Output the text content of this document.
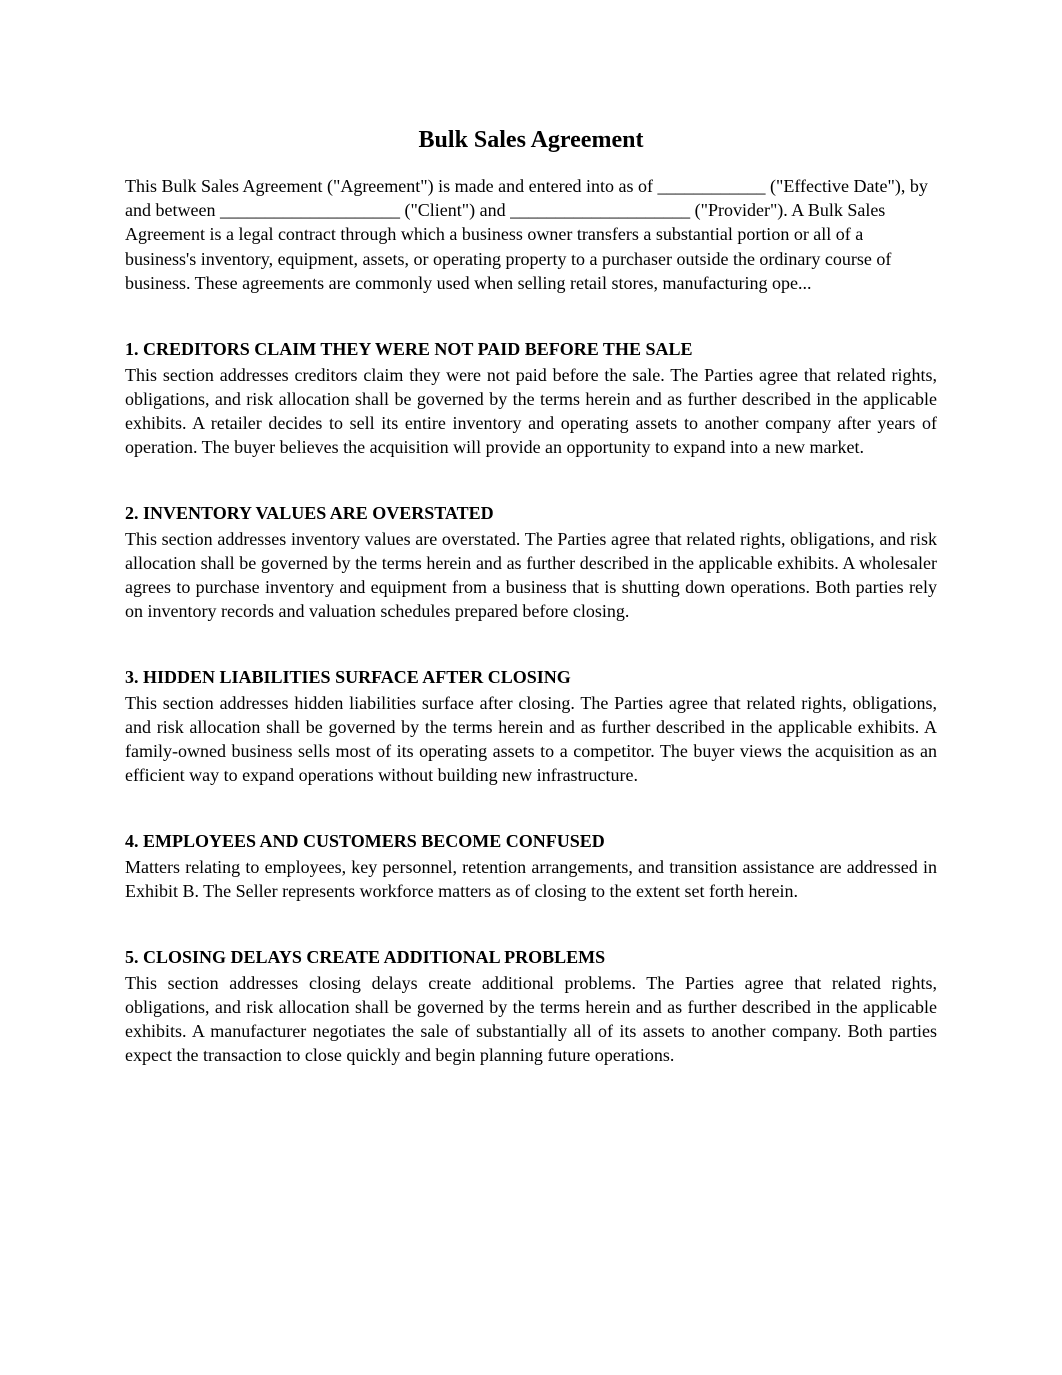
Bulk Sales Agreement

This Bulk Sales Agreement ("Agreement") is made and entered into as of ____________ ("Effective Date"), by and between ____________________ ("Client") and ____________________ ("Provider"). A Bulk Sales Agreement is a legal contract through which a business owner transfers a substantial portion or all of a business's inventory, equipment, assets, or operating property to a purchaser outside the ordinary course of business. These agreements are commonly used when selling retail stores, manufacturing ope...

1. CREDITORS CLAIM THEY WERE NOT PAID BEFORE THE SALE

This section addresses creditors claim they were not paid before the sale. The Parties agree that related rights, obligations, and risk allocation shall be governed by the terms herein and as further described in the applicable exhibits. A retailer decides to sell its entire inventory and operating assets to another company after years of operation. The buyer believes the acquisition will provide an opportunity to expand into a new market.

2. INVENTORY VALUES ARE OVERSTATED

This section addresses inventory values are overstated. The Parties agree that related rights, obligations, and risk allocation shall be governed by the terms herein and as further described in the applicable exhibits. A wholesaler agrees to purchase inventory and equipment from a business that is shutting down operations. Both parties rely on inventory records and valuation schedules prepared before closing.

3. HIDDEN LIABILITIES SURFACE AFTER CLOSING

This section addresses hidden liabilities surface after closing. The Parties agree that related rights, obligations, and risk allocation shall be governed by the terms herein and as further described in the applicable exhibits. A family-owned business sells most of its operating assets to a competitor. The buyer views the acquisition as an efficient way to expand operations without building new infrastructure.

4. EMPLOYEES AND CUSTOMERS BECOME CONFUSED

Matters relating to employees, key personnel, retention arrangements, and transition assistance are addressed in Exhibit B. The Seller represents workforce matters as of closing to the extent set forth herein.

5. CLOSING DELAYS CREATE ADDITIONAL PROBLEMS

This section addresses closing delays create additional problems. The Parties agree that related rights, obligations, and risk allocation shall be governed by the terms herein and as further described in the applicable exhibits. A manufacturer negotiates the sale of substantially all of its assets to another company. Both parties expect the transaction to close quickly and begin planning future operations.
